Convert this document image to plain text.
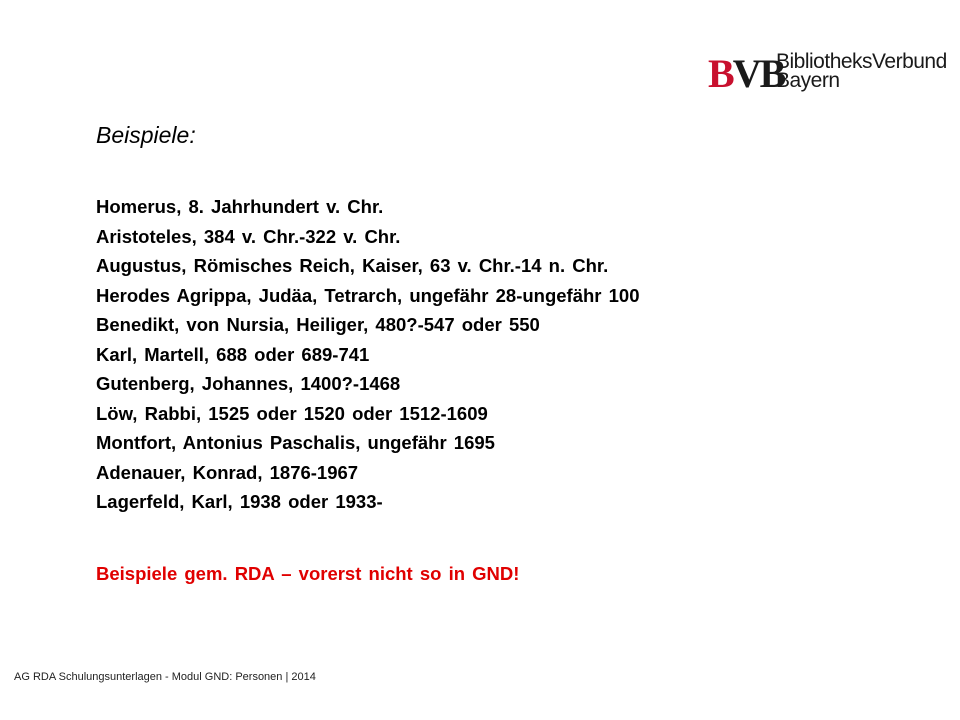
BVB
BibliotheksVerbund
Bayern
Beispiele:
Homerus, 8. Jahrhundert v. Chr.
Aristoteles, 384 v. Chr.-322 v. Chr.
Augustus, Römisches Reich, Kaiser, 63 v. Chr.-14 n. Chr.
Herodes Agrippa, Judäa, Tetrarch, ungefähr 28-ungefähr 100
Benedikt, von Nursia, Heiliger, 480?-547 oder 550
Karl, Martell, 688 oder 689-741
Gutenberg, Johannes, 1400?-1468
Löw, Rabbi, 1525 oder 1520 oder 1512-1609
Montfort, Antonius Paschalis, ungefähr 1695
Adenauer, Konrad, 1876-1967
Lagerfeld, Karl, 1938 oder 1933-

Beispiele gem. RDA – vorerst nicht so in GND!

AG RDA Schulungsunterlagen - Modul GND: Personen | 2014
